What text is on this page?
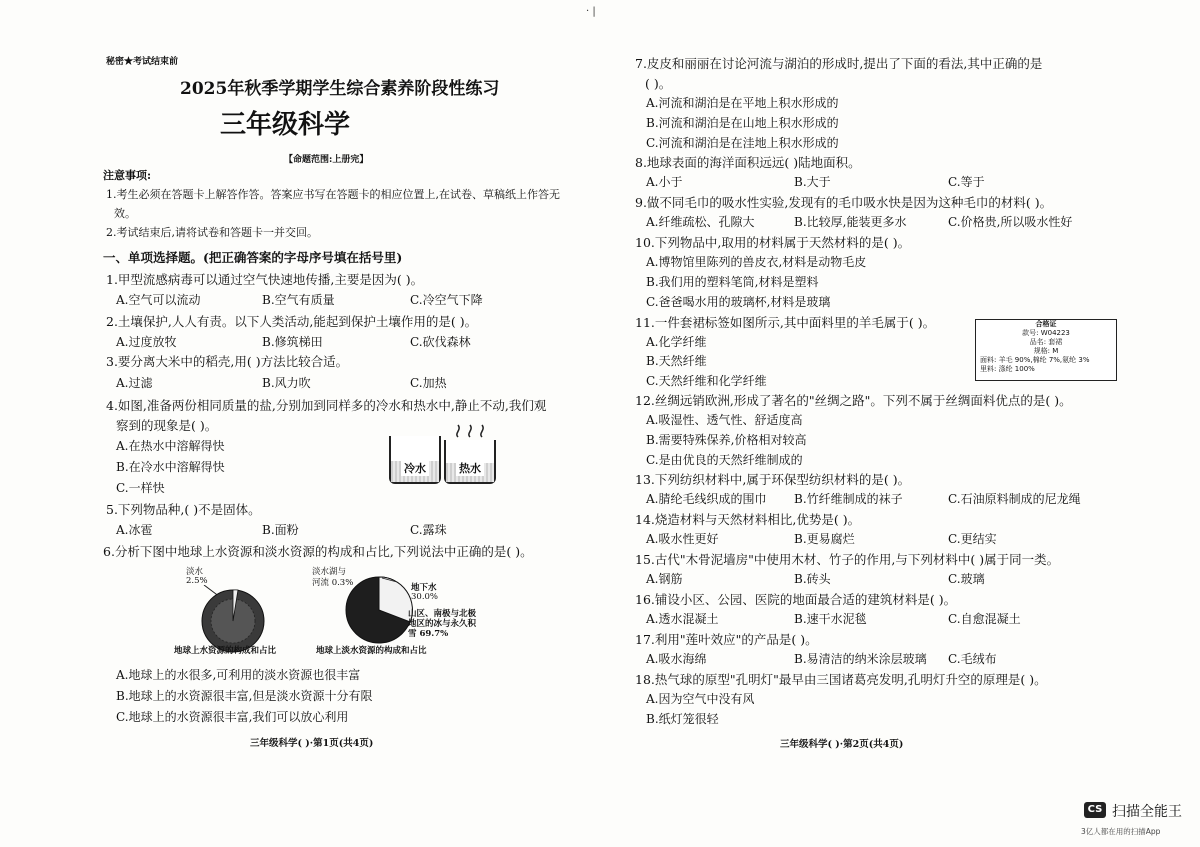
· |
秘密★考试结束前
2025年秋季学期学生综合素养阶段性练习
三年级科学
【命题范围:上册完】
注意事项:
1.考生必须在答题卡上解答作答。答案应书写在答题卡的相应位置上,在试卷、草稿纸上作答无
效。
2.考试结束后,请将试卷和答题卡一并交回。
一、单项选择题。(把正确答案的字母序号填在括号里)
1.甲型流感病毒可以通过空气快速地传播,主要是因为( )。
A.空气可以流动	B.空气有质量	C.冷空气下降
2.土壤保护,人人有责。以下人类活动,能起到保护土壤作用的是( )。
A.过度放牧	B.修筑梯田	C.砍伐森林
3.要分离大米中的稻壳,用( )方法比较合适。
A.过滤	B.风力吹	C.加热
4.如图,准备两份相同质量的盐,分别加到同样多的冷水和热水中,静止不动,我们观
察到的现象是( )。
A.在热水中溶解得快
B.在冷水中溶解得快
C.一样快
冷水	热水
5.下列物品种,( )不是固体。
A.冰雹	B.面粉	C.露珠
6.分析下图中地球上水资源和淡水资源的构成和占比,下列说法中正确的是( )。
淡水
2.5%
地球上水资源的构成和占比
淡水湖与
河流 0.3%	地下水
30.0%
山区、南极与北极
地区的冰与永久积
雪 69.7%
地球上淡水资源的构成和占比
A.地球上的水很多,可利用的淡水资源也很丰富
B.地球上的水资源很丰富,但是淡水资源十分有限
C.地球上的水资源很丰富,我们可以放心利用
三年级科学( )·第1页(共4页)
7.皮皮和丽丽在讨论河流与湖泊的形成时,提出了下面的看法,其中正确的是
( )。
A.河流和湖泊是在平地上积水形成的
B.河流和湖泊是在山地上积水形成的
C.河流和湖泊是在洼地上积水形成的
8.地球表面的海洋面积远远( )陆地面积。
A.小于	B.大于	C.等于
9.做不同毛巾的吸水性实验,发现有的毛巾吸水快是因为这种毛巾的材料( )。
A.纤维疏松、孔隙大	B.比较厚,能装更多水	C.价格贵,所以吸水性好
10.下列物品中,取用的材料属于天然材料的是( )。
A.博物馆里陈列的兽皮衣,材料是动物毛皮
B.我们用的塑料笔筒,材料是塑料
C.爸爸喝水用的玻璃杯,材料是玻璃
11.一件套裙标签如图所示,其中面料里的羊毛属于( )。
A.化学纤维
B.天然纤维
C.天然纤维和化学纤维
12.丝绸远销欧洲,形成了著名的"丝绸之路"。下列不属于丝绸面料优点的是( )。
A.吸湿性、透气性、舒适度高
B.需要特殊保养,价格相对较高
C.是由优良的天然纤维制成的
13.下列纺织材料中,属于环保型纺织材料的是( )。
A.腈纶毛线织成的围巾	B.竹纤维制成的袜子	C.石油原料制成的尼龙绳
14.烧造材料与天然材料相比,优势是( )。
A.吸水性更好	B.更易腐烂	C.更结实
15.古代"木骨泥墙房"中使用木材、竹子的作用,与下列材料中( )属于同一类。
A.钢筋	B.砖头	C.玻璃
16.铺设小区、公园、医院的地面最合适的建筑材料是( )。
A.透水混凝土	B.速干水泥毯	C.自愈混凝土
17.利用"莲叶效应"的产品是( )。
A.吸水海绵	B.易清洁的纳米涂层玻璃	C.毛绒布
18.热气球的原型"孔明灯"最早由三国诸葛亮发明,孔明灯升空的原理是( )。
A.因为空气中没有风
B.纸灯笼很轻
三年级科学( )·第2页(共4页)
合格证
款号: W04223
品名: 套裙
规格: M
面料: 羊毛 90%,棉纶 7%,氨纶 3%
里料: 涤纶 100%
CS 扫描全能王
3亿人都在用的扫描App
